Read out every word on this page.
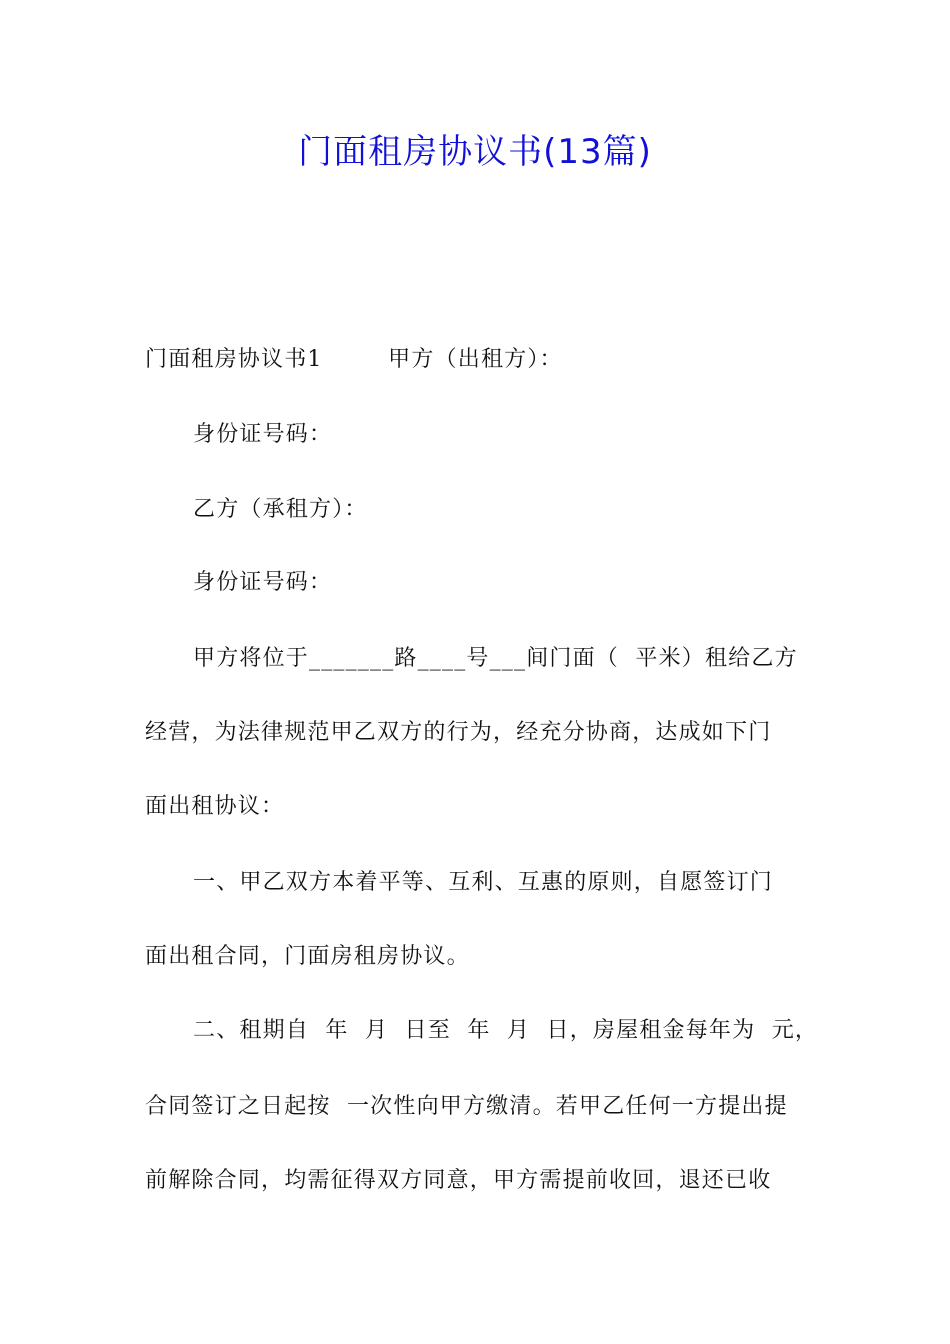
门面租房协议书(13篇)
门面租房协议书1        甲方（出租方）：
身份证号码：
乙方（承租方）：
身份证号码：
甲方将位于_______路____号___间门面（  平米）租给乙方
经营，为法律规范甲乙双方的行为，经充分协商，达成如下门
面出租协议：
一、甲乙双方本着平等、互利、互惠的原则，自愿签订门
面出租合同，门面房租房协议。
二、租期自  年  月  日至  年  月  日，房屋租金每年为  元，
合同签订之日起按  一次性向甲方缴清。若甲乙任何一方提出提
前解除合同，均需征得双方同意，甲方需提前收回，退还已收
